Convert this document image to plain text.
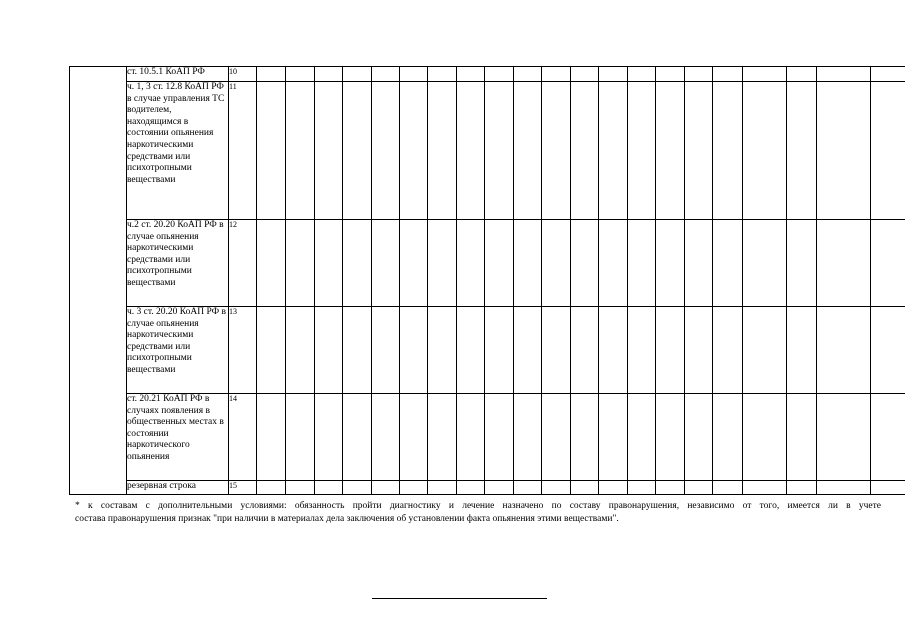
	ст. 10.5.1 КоАП РФ	10																					
	ч. 1, 3 ст. 12.8 КоАП РФ в случае управления ТС водителем, находящимся в состоянии опьянения наркотическими средствами или психотропными веществами	11																					
	ч.2 ст. 20.20 КоАП РФ в случае опьянения наркотическими средствами или психотропными веществами	12																					
	ч. 3 ст. 20.20 КоАП РФ в случае опьянения наркотическими средствами или психотропными веществами	13																					
	ст. 20.21 КоАП РФ в случаях появления в общественных местах в состоянии наркотического опьянения	14																					
	резервная строка	15																					
* к составам с дополнительными условиями: обязанность пройти диагностику и лечение назначено по составу правонарушения, независимо от того, имеется ли в учете
состава правонарушения признак "при наличии в материалах дела заключения об установлении факта опьянения этими веществами".
